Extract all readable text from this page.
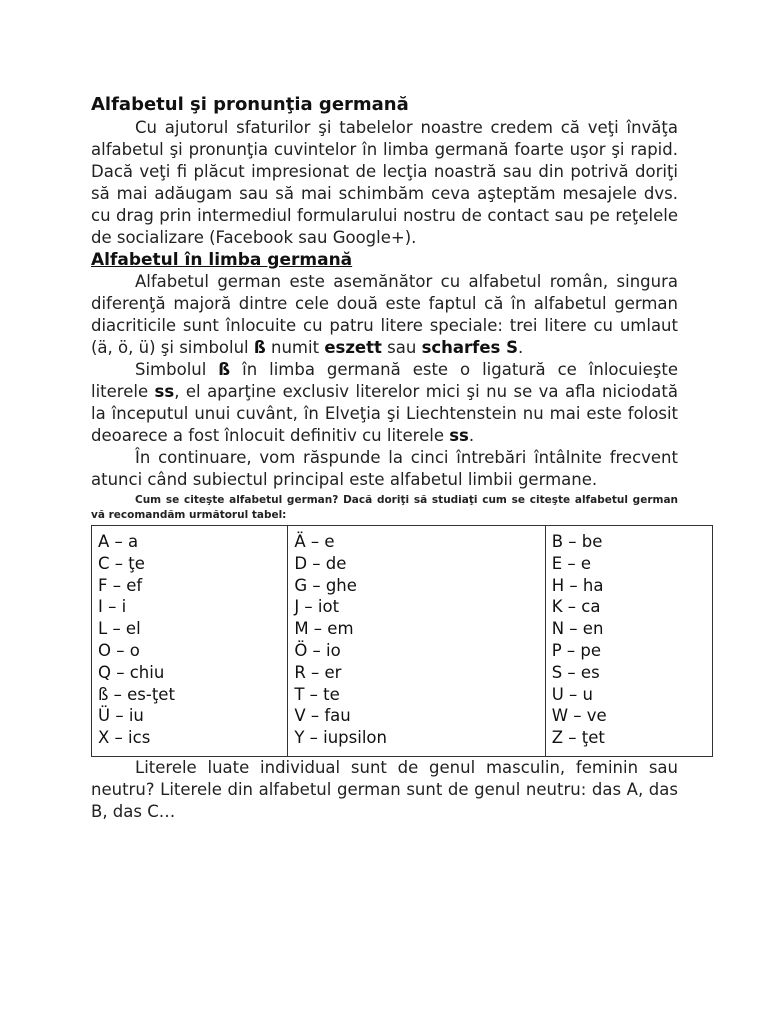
Alfabetul şi pronunţia germană

Cu ajutorul sfaturilor şi tabelelor noastre credem că veţi învăţa alfabetul şi pronunţia cuvintelor în limba germană foarte uşor şi rapid. Dacă veţi fi plăcut impresionat de lecţia noastră sau din potrivă doriţi să mai adăugam sau să mai schimbăm ceva aşteptăm mesajele dvs. cu drag prin intermediul formularului nostru de contact sau pe reţelele de socializare (Facebook sau Google+).

Alfabetul în limba germană

Alfabetul german este asemănător cu alfabetul român, singura diferenţă majoră dintre cele două este faptul că în alfabetul german diacriticile sunt înlocuite cu patru litere speciale: trei litere cu umlaut (ä, ö, ü) şi simbolul ß numit eszett sau scharfes S.

Simbolul ß în limba germană este o ligatură ce înlocuieşte literele ss, el aparţine exclusiv literelor mici şi nu se va afla niciodată la începutul unui cuvânt, în Elveţia şi Liechtenstein nu mai este folosit deoarece a fost înlocuit definitiv cu literele ss.

În continuare, vom răspunde la cinci întrebări întâlnite frecvent atunci când subiectul principal este alfabetul limbii germane.

Cum se citeşte alfabetul german? Dacă doriţi să studiaţi cum se citeşte alfabetul german vă recomandăm următorul tabel:

A – a
C – ţe
F – ef
I – i
L – el
O – o
Q – chiu
ß – es-ţet
Ü – iu
X – ics

Ä – e
D – de
G – ghe
J – iot
M – em
Ö – io
R – er
T – te
V – fau
Y – iupsilon

B – be
E – e
H – ha
K – ca
N – en
P – pe
S – es
U – u
W – ve
Z – ţet

Literele luate individual sunt de genul masculin, feminin sau neutru? Literele din alfabetul german sunt de genul neutru: das A, das B, das C…
